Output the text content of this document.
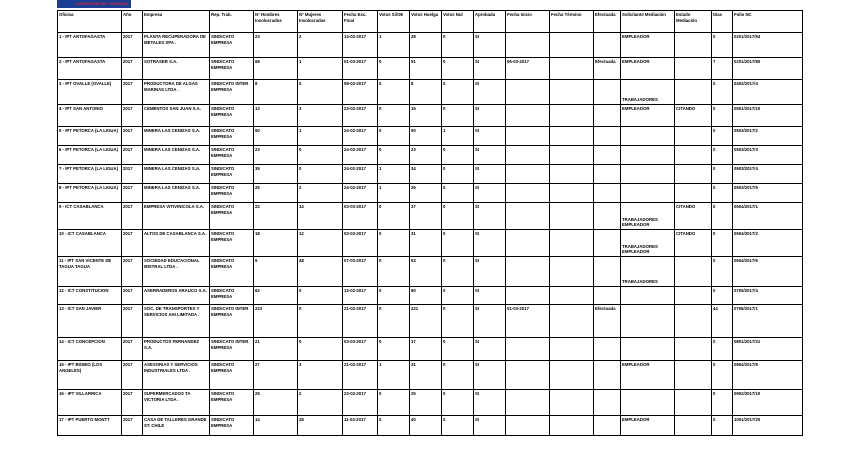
DIRECCIÓN DEL TRABAJO
Oficina	Año	Empresa	Rep. Trab.	Nº Hombres Involucrados	Nº Mujeres Involucradas	Fecha Exc. Final	Votos Si/OE	Votos Huelga	Votos Nul	Aprobada	Fecha Inicio	Fecha Término	Efectuada	Solicitante Mediación	Estado Mediación	Días	Folio NC
1 - IPT ANTOFAGASTA	2017	PLANTA RECUPERADORA DE METALES SPA .	SINDICATO EMPRESA	23	2	13-02-2017	1	28	0	SI				EMPLEADOR		0	0201/2017/54
2 - IPT ANTOFAGASTA	2017	SOTRASER S.A.	SINDICATO EMPRESA	68	1	01-03-2017	0	51	0	SI	06-03-2017		Efectuada	EMPLEADOR		7	0201/2017/80
3 - IPT OVALLE (OVALLE)	2017	PRODUCTORA DE ALGAS MARINAS LTDA .	SINDICATO INTER EMPRESA	8	0	08-03-2017	0	8	0	SI				TRABAJADORES		0	0402/2017/4
4 - IPT SAN ANTONIO	2017	CEMENTOS SAN JUAN S.A.	SINDICATO EMPRESA	13	3	23-02-2017	0	15	0	SI				EMPLEADOR	CITANDO	0	0501/2017/10
5 - IPT PETORCA (LA LIGUA)	2017	MINERA LAS CENIZAS S.A.	SINDICATO EMPRESA	50	1	24-02-2017	0	50	1	SI						0	0503/2017/2
6 - IPT PETORCA (LA LIGUA)	2017	MINERA LAS CENIZAS S.A.	SINDICATO EMPRESA	23	0	24-02-2017	0	23	0	SI						0	0503/2017/3
7 - IPT PETORCA (LA LIGUA)	2017	MINERA LAS CENIZAS S.A.	SINDICATO EMPRESA	35	0	24-02-2017	1	34	0	SI						0	0503/2017/4
8 - IPT PETORCA (LA LIGUA)	2017	MINERA LAS CENIZAS S.A.	SINDICATO EMPRESA	25	2	24-02-2017	1	26	0	SI						0	0503/2017/5
9 - ICT CASABLANCA	2017	EMPRESA VITIVINICOLA S.A.	SINDICATO EMPRESA	22	14	03-03-2017	0	37	0	SI				TRABAJADORES EMPLEADOR	CITANDO	0	0504/2017/1
10 - ICT CASABLANCA	2017	ALTOS DE CASABLANCA S.A.	SINDICATO EMPRESA	18	12	03-03-2017	0	31	0	SI				TRABAJADORES EMPLEADOR	CITANDO	0	0504/2017/2
11 - IPT SAN VICENTE DE TAGUA TAGUA	2017	SOCIEDAD EDUCACIONAL MISTRAL LTDA .	SINDICATO EMPRESA	5	48	07-03-2017	0	53	0	SI				TRABAJADORES		0	0604/2017/6
12 - ICT CONSTITUCION	2017	ASERRADEROS ARAUCO S.A.	SINDICATO EMPRESA	62	0	13-02-2017	0	60	0	SI						0	0705/2017/4
13 - ICT SAN JAVIER	2017	SOC. DE TRANSPORTES Y SERVICIOS AHI LIMITADA .	SINDICATO INTER EMPRESA	223	0	21-02-2017	0	221	0	SI	01-03-2017		Efectuada			44	0706/2017/1
14 - ICT CONCEPCION	2017	PRODUCTOS FERNANDEZ S.A.	SINDICATO INTER EMPRESA	21	0	03-03-2017	0	17	0	SI						0	0801/2017/21
15 - IPT BIOBIO (LOS ANGELES)	2017	ASESORIAS Y SERVICIOS INDUSTRIALES LTDA .	SINDICATO EMPRESA	27	3	21-02-2017	1	31	0	SI				EMPLEADOR		0	0804/2017/8
16 - IPT VILLARRICA	2017	SUPERMERCADOS TA VICTORIA LTDA .	SINDICATO EMPRESA	25	2	23-02-2017	0	25	0	SI						0	0902/2017/10
17 - IPT PUERTO MONTT	2017	CASA DE TALLERES GRANDE ST. CHILE	SINDICATO EMPRESA	14	28	11-03-2017	0	40	0	SI				EMPLEADOR		0	1001/2017/20
